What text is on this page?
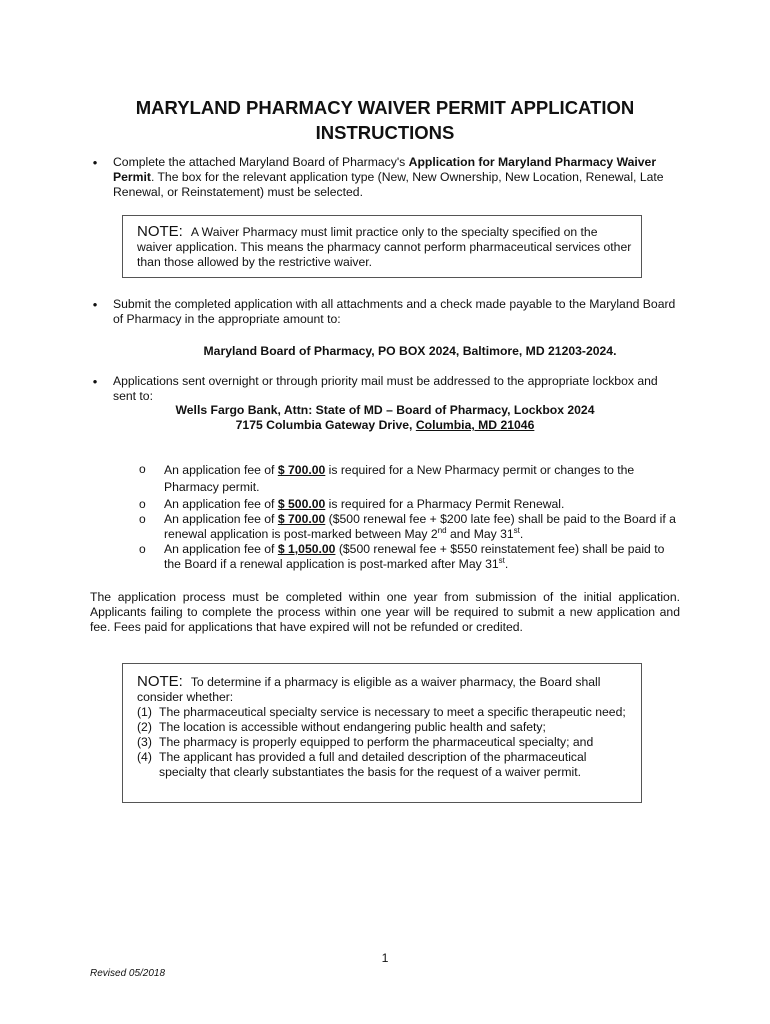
MARYLAND PHARMACY WAIVER PERMIT APPLICATION
INSTRUCTIONS
• Complete the attached Maryland Board of Pharmacy's Application for Maryland Pharmacy Waiver Permit. The box for the relevant application type (New, New Ownership, New Location, Renewal, Late Renewal, or Reinstatement) must be selected.
NOTE: A Waiver Pharmacy must limit practice only to the specialty specified on the waiver application. This means the pharmacy cannot perform pharmaceutical services other than those allowed by the restrictive waiver.
• Submit the completed application with all attachments and a check made payable to the Maryland Board of Pharmacy in the appropriate amount to:
Maryland Board of Pharmacy, PO BOX 2024, Baltimore, MD 21203-2024.
• Applications sent overnight or through priority mail must be addressed to the appropriate lockbox and sent to:
Wells Fargo Bank, Attn: State of MD – Board of Pharmacy, Lockbox 2024
7175 Columbia Gateway Drive, Columbia, MD 21046
o An application fee of $ 700.00 is required for a New Pharmacy permit or changes to the Pharmacy permit.
o An application fee of $ 500.00 is required for a Pharmacy Permit Renewal.
o An application fee of $ 700.00 ($500 renewal fee + $200 late fee) shall be paid to the Board if a renewal application is post-marked between May 2nd and May 31st.
o An application fee of $ 1,050.00 ($500 renewal fee + $550 reinstatement fee) shall be paid to the Board if a renewal application is post-marked after May 31st.
The application process must be completed within one year from submission of the initial application. Applicants failing to complete the process within one year will be required to submit a new application and fee. Fees paid for applications that have expired will not be refunded or credited.
NOTE: To determine if a pharmacy is eligible as a waiver pharmacy, the Board shall consider whether:
(1) The pharmaceutical specialty service is necessary to meet a specific therapeutic need;
(2) The location is accessible without endangering public health and safety;
(3) The pharmacy is properly equipped to perform the pharmaceutical specialty; and
(4) The applicant has provided a full and detailed description of the pharmaceutical specialty that clearly substantiates the basis for the request of a waiver permit.
1
Revised 05/2018
